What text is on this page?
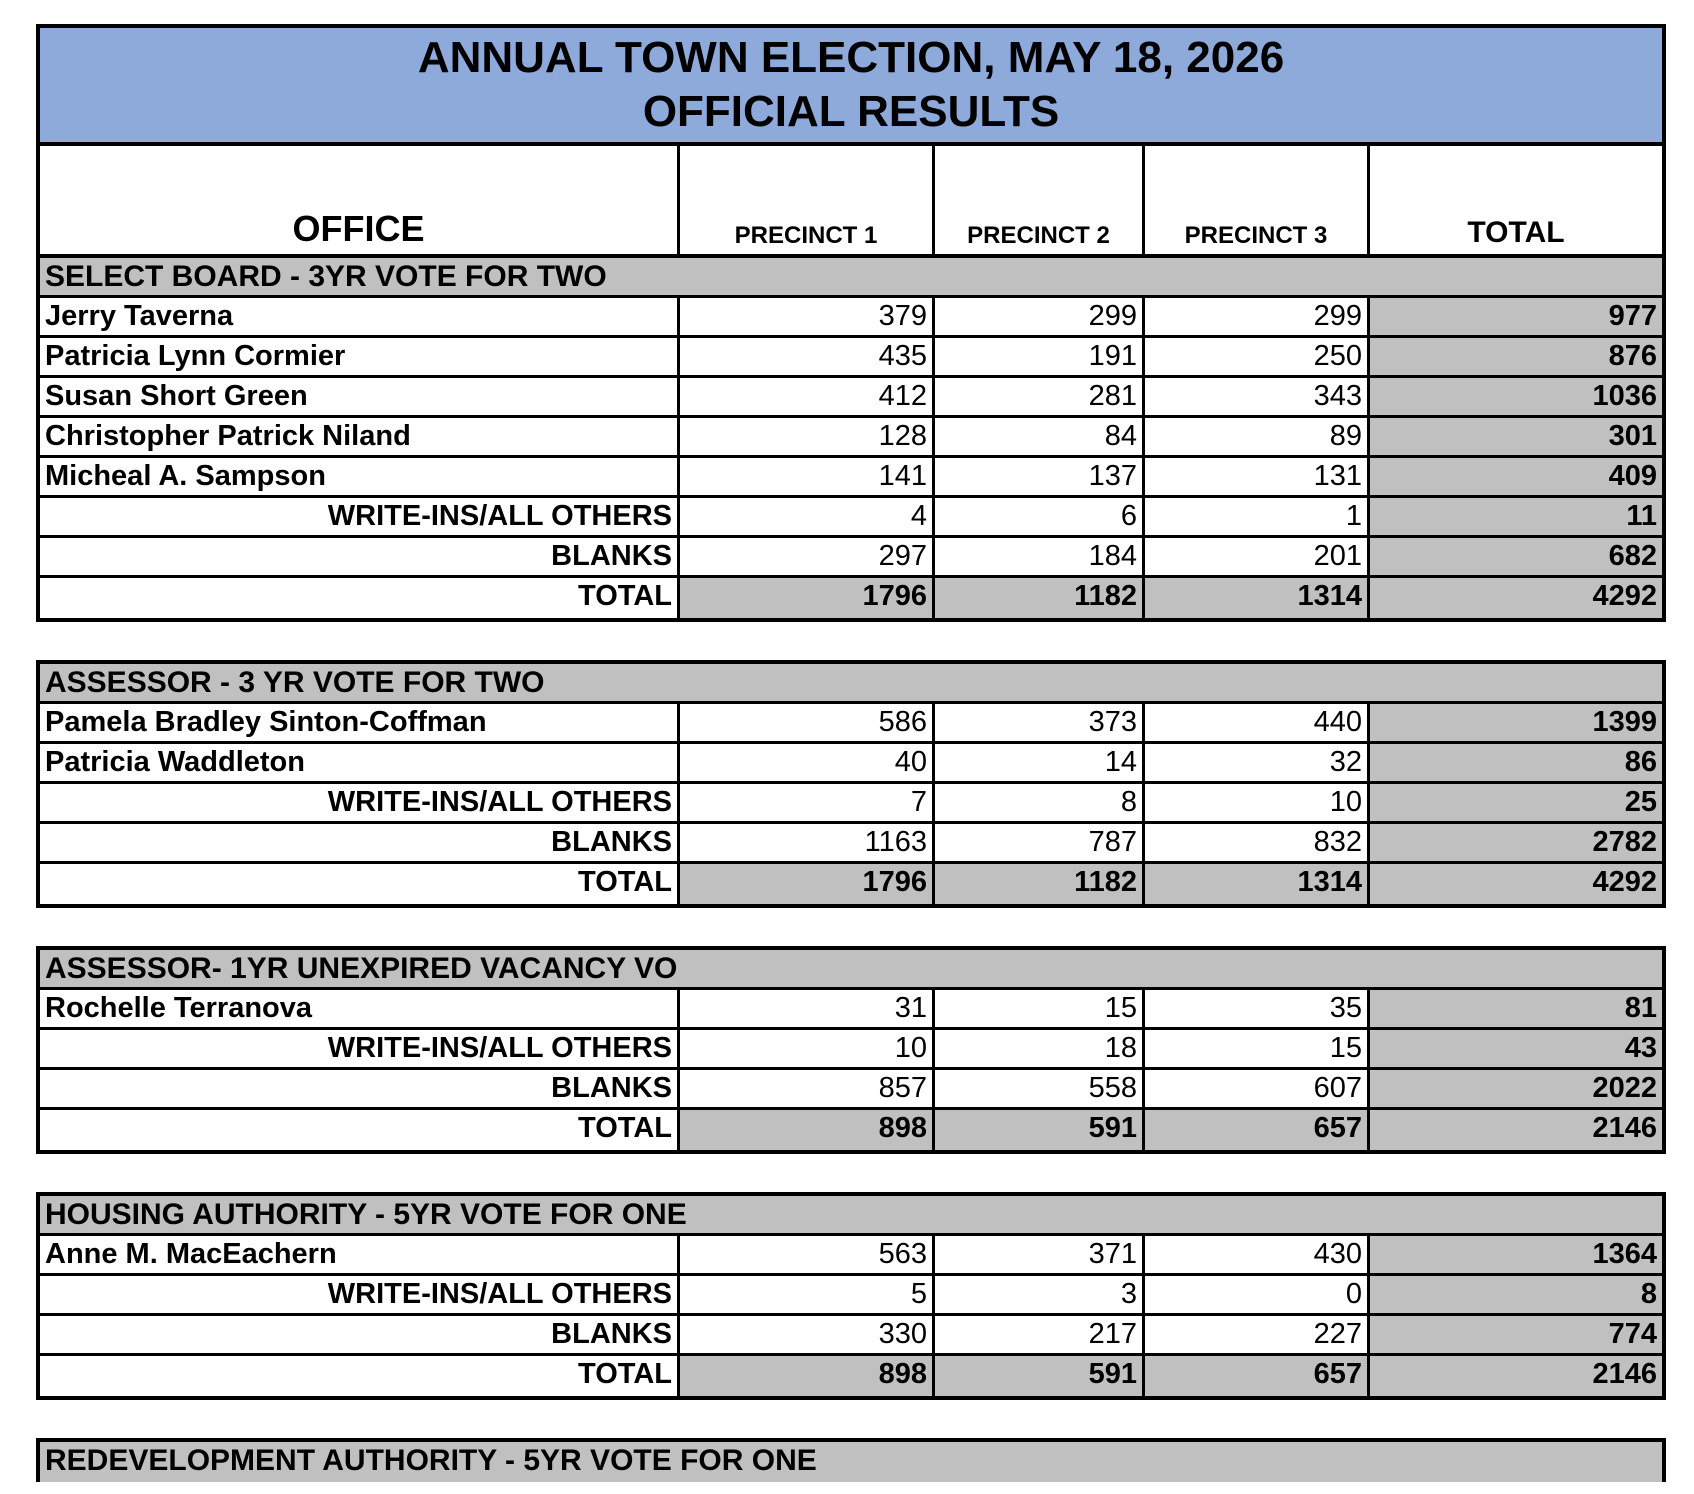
ANNUAL TOWN ELECTION, MAY 18, 2026
OFFICIAL RESULTS
OFFICE	PRECINCT 1	PRECINCT 2	PRECINCT 3	TOTAL
SELECT BOARD - 3YR VOTE FOR TWO
Jerry Taverna	379	299	299	977
Patricia Lynn Cormier	435	191	250	876
Susan Short Green	412	281	343	1036
Christopher Patrick Niland	128	84	89	301
Micheal A. Sampson	141	137	131	409
WRITE-INS/ALL OTHERS	4	6	1	11
BLANKS	297	184	201	682
TOTAL	1796	1182	1314	4292
ASSESSOR - 3 YR VOTE FOR TWO
Pamela Bradley Sinton-Coffman	586	373	440	1399
Patricia Waddleton	40	14	32	86
WRITE-INS/ALL OTHERS	7	8	10	25
BLANKS	1163	787	832	2782
TOTAL	1796	1182	1314	4292
ASSESSOR- 1YR UNEXPIRED VACANCY VO
Rochelle Terranova	31	15	35	81
WRITE-INS/ALL OTHERS	10	18	15	43
BLANKS	857	558	607	2022
TOTAL	898	591	657	2146
HOUSING AUTHORITY - 5YR VOTE FOR ONE
Anne M. MacEachern	563	371	430	1364
WRITE-INS/ALL OTHERS	5	3	0	8
BLANKS	330	217	227	774
TOTAL	898	591	657	2146
REDEVELOPMENT AUTHORITY - 5YR VOTE FOR ONE
